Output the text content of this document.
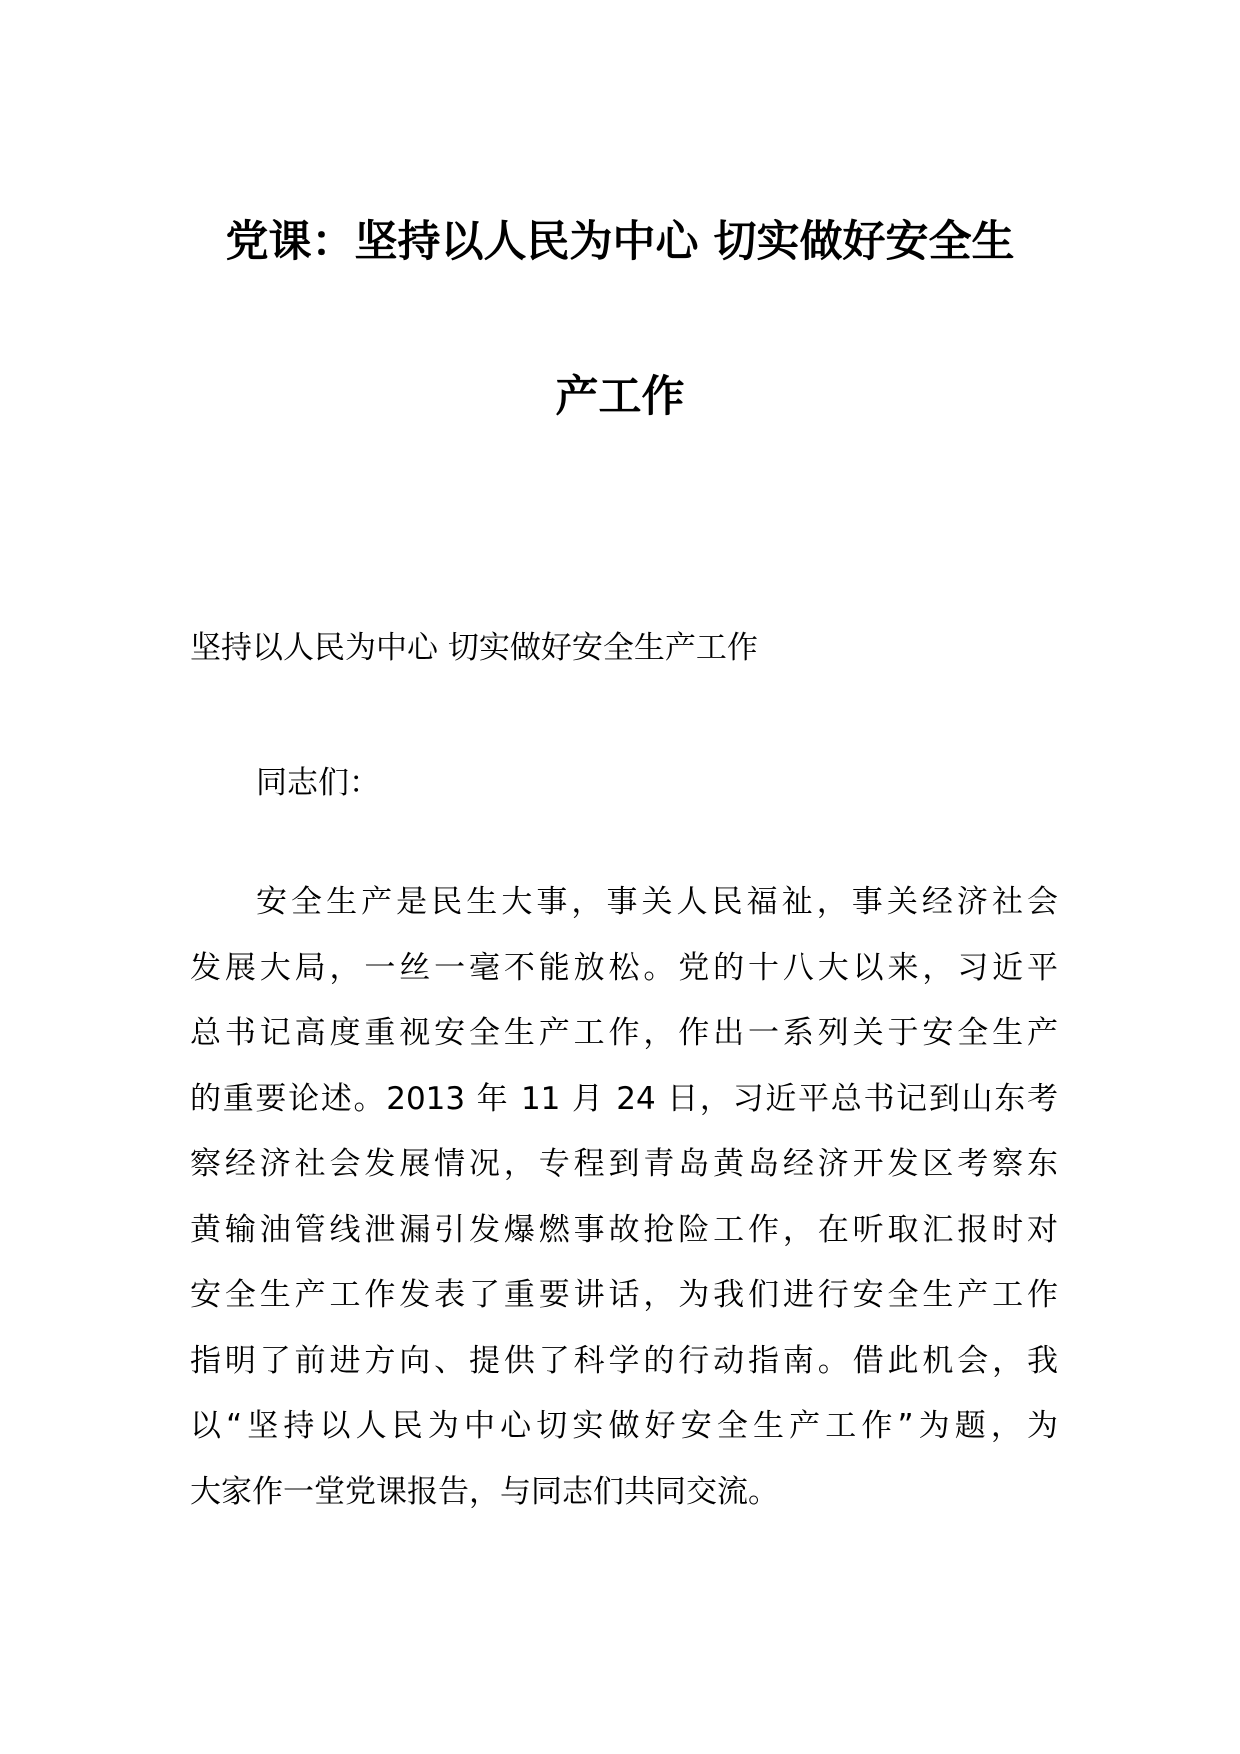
党课：坚持以人民为中心 切实做好安全生
产工作
坚持以人民为中心 切实做好安全生产工作
同志们：
安全生产是民生大事，事关人民福祉，事关经济社会
发展大局，一丝一毫不能放松。党的十八大以来，习近平
总书记高度重视安全生产工作，作出一系列关于安全生产
的重要论述。2013 年 11 月 24 日，习近平总书记到山东考
察经济社会发展情况，专程到青岛黄岛经济开发区考察东
黄输油管线泄漏引发爆燃事故抢险工作，在听取汇报时对
安全生产工作发表了重要讲话，为我们进行安全生产工作
指明了前进方向、提供了科学的行动指南。借此机会，我
以“坚持以人民为中心切实做好安全生产工作”为题，为
大家作一堂党课报告，与同志们共同交流。
